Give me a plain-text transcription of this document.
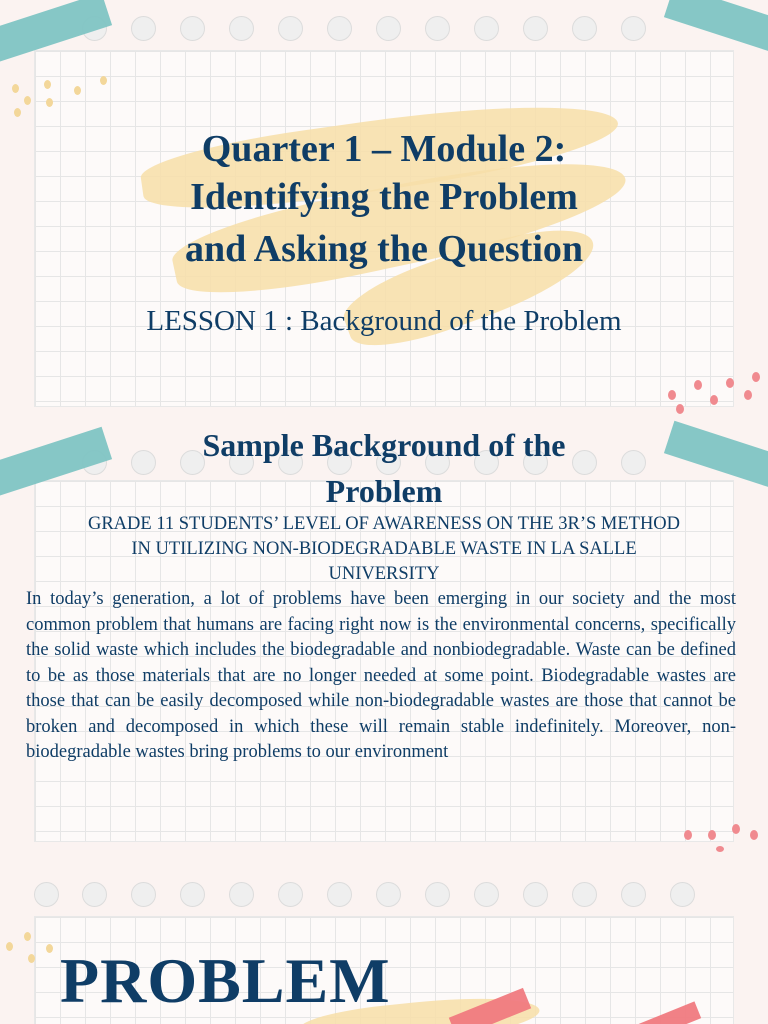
Quarter 1 – Module 2:
Identifying the Problem
and Asking the Question
LESSON 1 : Background of the Problem
Sample Background of the
Problem
GRADE 11 STUDENTS’ LEVEL OF AWARENESS ON THE 3R’S METHOD
IN UTILIZING NON-BIODEGRADABLE WASTE IN LA SALLE
UNIVERSITY
In today’s generation, a lot of problems have been emerging in our society and the most common problem that humans are facing right now is the environmental concerns, specifically the solid waste which includes the biodegradable and nonbiodegradable. Waste can be defined to be as those materials that are no longer needed at some point. Biodegradable wastes are those that can be easily decomposed while non-biodegradable wastes are those that cannot be broken and decomposed in which these will remain stable indefinitely. Moreover, non-biodegradable wastes bring problems to our environment
PROBLEM
